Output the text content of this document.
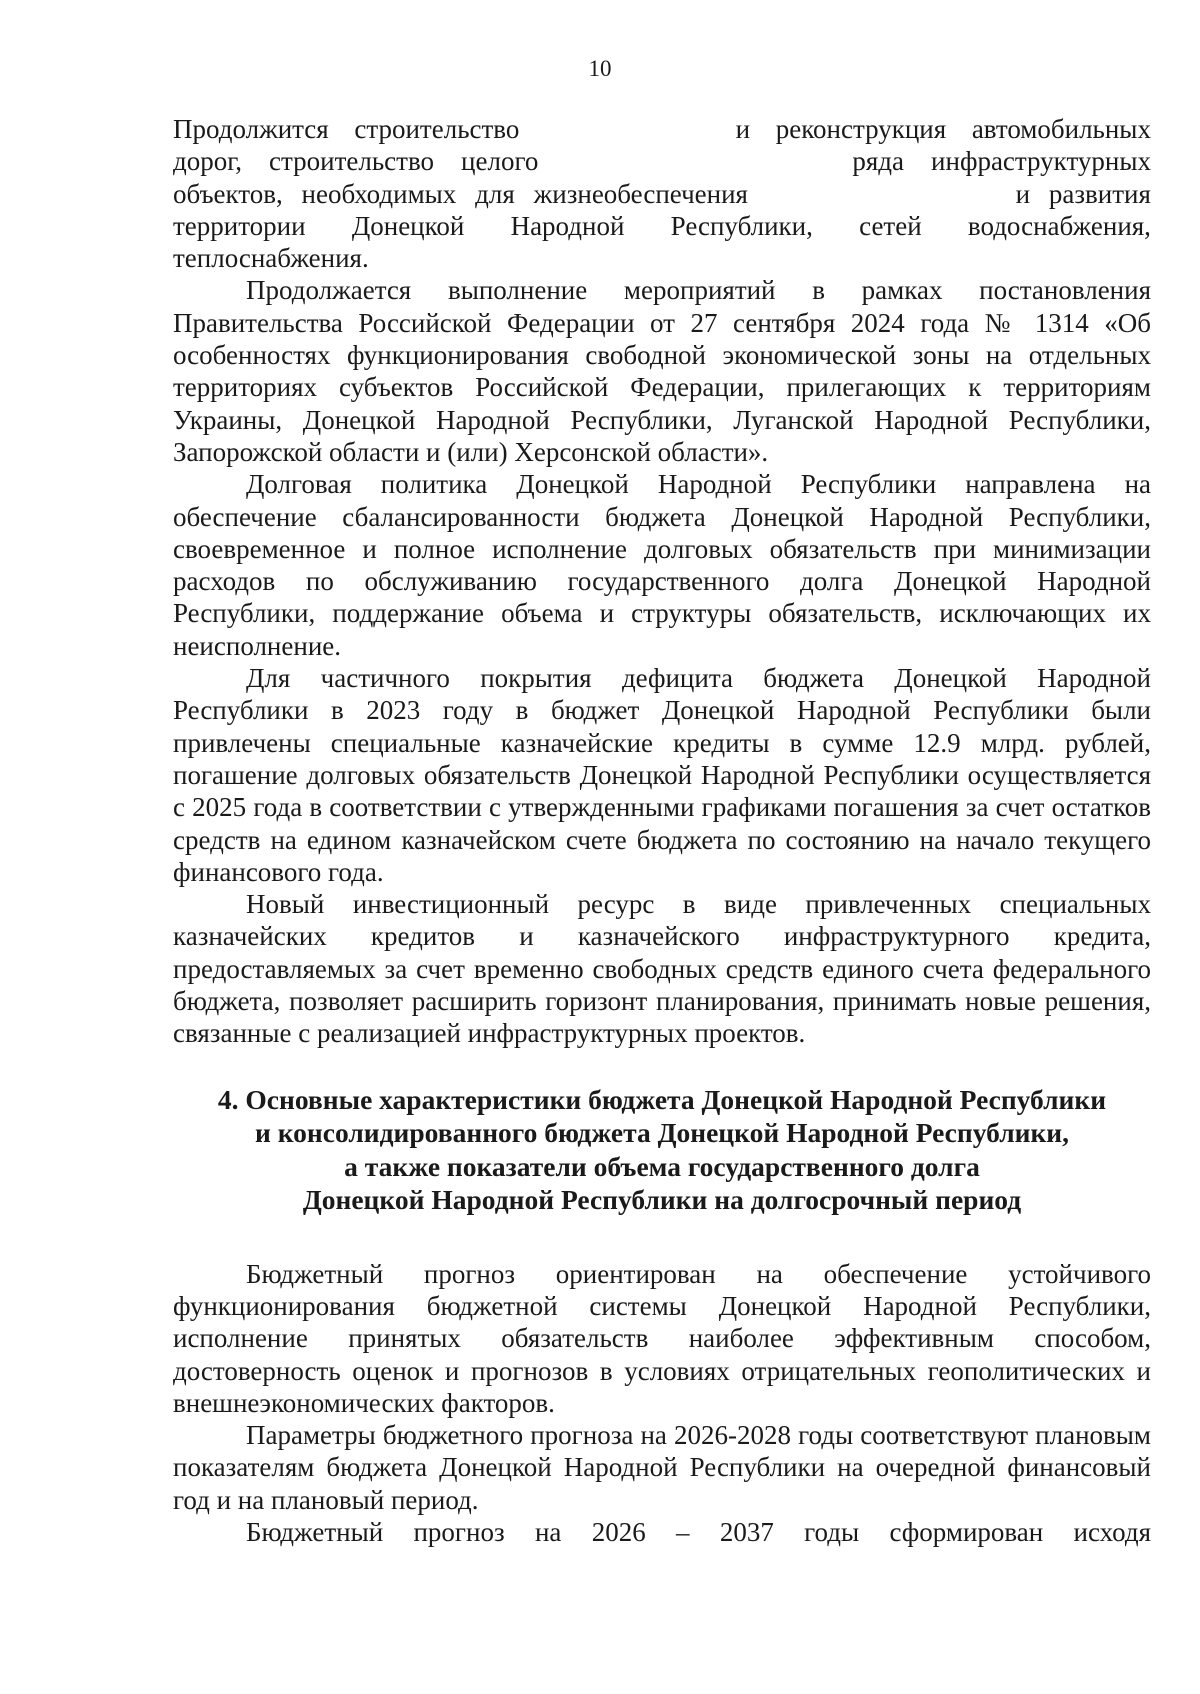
10
Продолжится строительство	и реконструкция автомобильных
дорог, строительство целого	ряда инфраструктурных
объектов, необходимых для жизнеобеспечения	и развития
территории Донецкой Народной Республики, сетей водоснабжения,
теплоснабжения.

Продолжается выполнение мероприятий в рамках постановления Правительства Российской Федерации от 27 сентября 2024 года № 1314 «Об особенностях функционирования свободной экономической зоны на отдельных территориях субъектов Российской Федерации, прилегающих к территориям Украины, Донецкой Народной Республики, Луганской Народной Республики, Запорожской области и (или) Херсонской области».

Долговая политика Донецкой Народной Республики направлена на обеспечение сбалансированности бюджета Донецкой Народной Республики, своевременное и полное исполнение долговых обязательств при минимизации расходов по обслуживанию государственного долга Донецкой Народной Республики, поддержание объема и структуры обязательств, исключающих их неисполнение.

Для частичного покрытия дефицита бюджета Донецкой Народной Республики в 2023 году в бюджет Донецкой Народной Республики были привлечены специальные казначейские кредиты в сумме 12.9 млрд. рублей, погашение долговых обязательств Донецкой Народной Республики осуществляется с 2025 года в соответствии с утвержденными графиками погашения за счет остатков средств на едином казначейском счете бюджета по состоянию на начало текущего финансового года.

Новый инвестиционный ресурс в виде привлеченных специальных казначейских кредитов и казначейского инфраструктурного кредита, предоставляемых за счет временно свободных средств единого счета федерального бюджета, позволяет расширить горизонт планирования, принимать новые решения, связанные с реализацией инфраструктурных проектов.

4. Основные характеристики бюджета Донецкой Народной Республики
и консолидированного бюджета Донецкой Народной Республики,
а также показатели объема государственного долга
Донецкой Народной Республики на долгосрочный период

Бюджетный прогноз ориентирован на обеспечение устойчивого функционирования бюджетной системы Донецкой Народной Республики, исполнение принятых обязательств наиболее эффективным способом, достоверность оценок и прогнозов в условиях отрицательных геополитических и внешнеэкономических факторов.

Параметры бюджетного прогноза на 2026-2028 годы соответствуют плановым показателям бюджета Донецкой Народной Республики на очередной финансовый год и на плановый период.

Бюджетный прогноз на 2026 – 2037 годы сформирован исходя
